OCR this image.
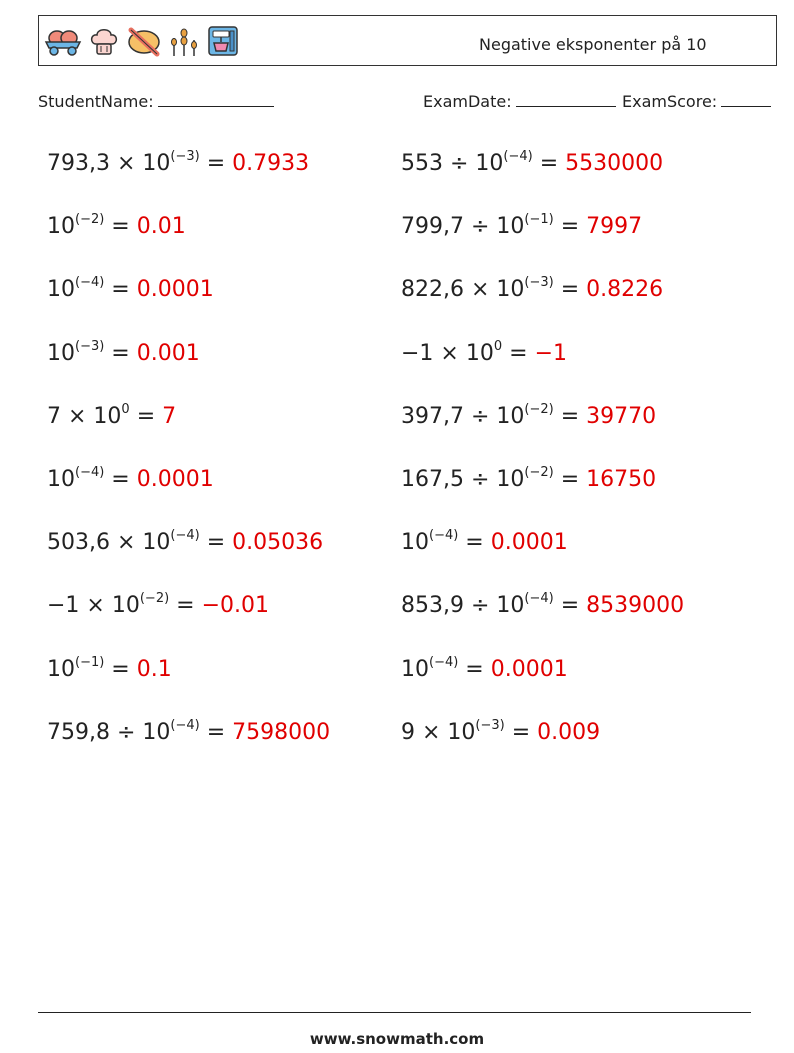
Negative eksponenter på 10
StudentName:	ExamDate:	ExamScore:
$793,3 \times 10^{(-3)} = 0.7933$
$10^{(-2)} = 0.01$
$10^{(-4)} = 0.0001$
$10^{(-3)} = 0.001$
$7 \times 10^0 = 7$
$10^{(-4)} = 0.0001$
$503,6 \times 10^{(-4)} = 0.05036$
$-1 \times 10^{(-2)} = -0.01$
$10^{(-1)} = 0.1$
$759,8 \div 10^{(-4)} = 7598000$
$553 \div 10^{(-4)} = 5530000$
$799,7 \div 10^{(-1)} = 7997$
$822,6 \times 10^{(-3)} = 0.8226$
$-1 \times 10^0 = -1$
$397,7 \div 10^{(-2)} = 39770$
$167,5 \div 10^{(-2)} = 16750$
$10^{(-4)} = 0.0001$
$853,9 \div 10^{(-4)} = 8539000$
$10^{(-4)} = 0.0001$
$9 \times 10^{(-3)} = 0.009$
www.snowmath.com
